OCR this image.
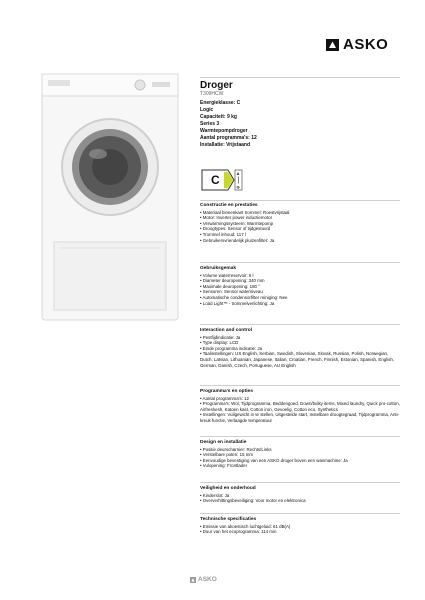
ASKO
Droger
T309HCW
Energieklasse: C
Logic
Capaciteit: 9 kg
Series 3
Warmtepompdroger
Aantal programma's: 12
Installatie: Vrijstaand
C	A
G
Constructie en prestaties
• Materiaal binnenkant trommel: Roestvrijstaal
• Motor: Inverter power inductiemotor
• Verwarmingssysteem: Warmtepomp
• Droogtypes: Sensor of tijdgestuurd
• Trommel inhoud: 117 l
• Gebruikersvriendelijk pluizenfilter: Ja
Gebruiksgemak
• Volume waterreservoir: 6 l
• Diameter deuropening: 340 mm
• Maximale deuropening: 180 °
• Sensoren: Sensor waterniveau
• Automatische condensorfilter reiniging: Nee
• Load Light™ - trommelverlichting: Ja
Interaction and control
• Pestfijdindicatie: Ja
• Type display: LCD
• Einde programma indicatie: Ja
• Taalinstellingen: US English, Serbian, Swedish, Slovenian, Slovak, Russian, Polish, Norwegian, Dutch, Latvian, Lithuanian, Japanese, Italian, Croatian, French, Finnish, Estonian, Spanish, English, German, Danish, Czech, Portuguese, AU English
Programma's en opties
• Aantal programma's: 12
• Programma's: Wol, Tijdprogramma, Beddengoed, Down/bulky items, Mixed laundry, Quick pro-cotton, Airfreshesh, Katoen kast, Cotton iron, Gevoelig, Cotton eco, Synthetics
• Instellingen: Vuilgewicht in te stellen, Uitgestelde start, Instelbare droogtegraad, Tijdprogramma, Anti-kreuk functie, Verlaagde temperatuur
Design en installatie
• Positie deurscharnier: Rechts/Links
• Verstelbare poten: 15 mm
• Eenvoudige bevestiging van een ASKO droger boven een wasmachine: Ja
• Vulopening: Frontlader
Veiligheid en onderhoud
• Kinderslot: Ja
• Oververhittingsbeveiliging: Voor motor en elektronica
Technische specificaties
• Emissie van akoestisch luchtgeluid: 61 dB(A)
• Duur van het ecoprogramma: 114 min
ASKO
